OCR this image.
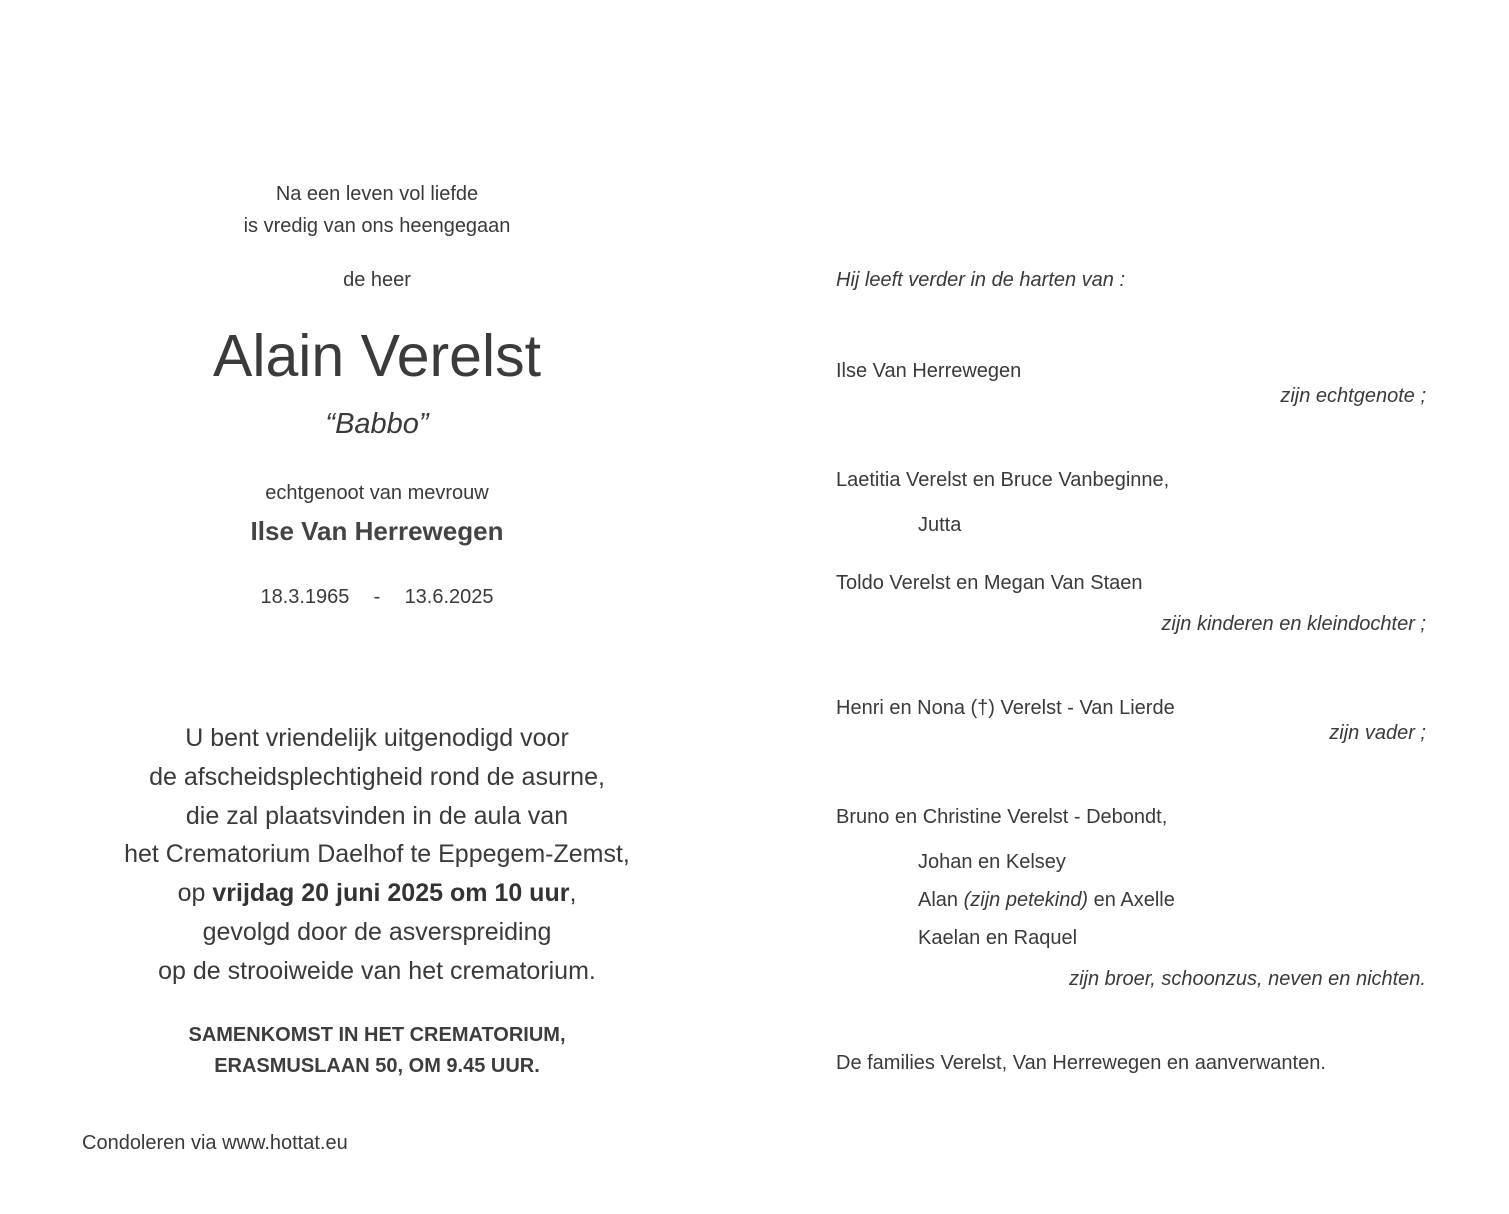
Na een leven vol liefde
is vredig van ons heengegaan
de heer
Alain Verelst
“Babbo”
echtgenoot van mevrouw
Ilse Van Herrewegen
18.3.1965 - 13.6.2025
U bent vriendelijk uitgenodigd voor
de afscheidsplechtigheid rond de asurne,
die zal plaatsvinden in de aula van
het Crematorium Daelhof te Eppegem-Zemst,
op vrijdag 20 juni 2025 om 10 uur,
gevolgd door de asverspreiding
op de strooiweide van het crematorium.
SAMENKOMST IN HET CREMATORIUM,
ERASMUSLAAN 50, OM 9.45 UUR.
Condoleren via www.hottat.eu
Hij leeft verder in de harten van :
Ilse Van Herrewegen
zijn echtgenote ;
Laetitia Verelst en Bruce Vanbeginne,
Jutta
Toldo Verelst en Megan Van Staen
zijn kinderen en kleindochter ;
Henri en Nona (†) Verelst - Van Lierde
zijn vader ;
Bruno en Christine Verelst - Debondt,
Johan en Kelsey
Alan (zijn petekind) en Axelle
Kaelan en Raquel
zijn broer, schoonzus, neven en nichten.
De families Verelst, Van Herrewegen en aanverwanten.
